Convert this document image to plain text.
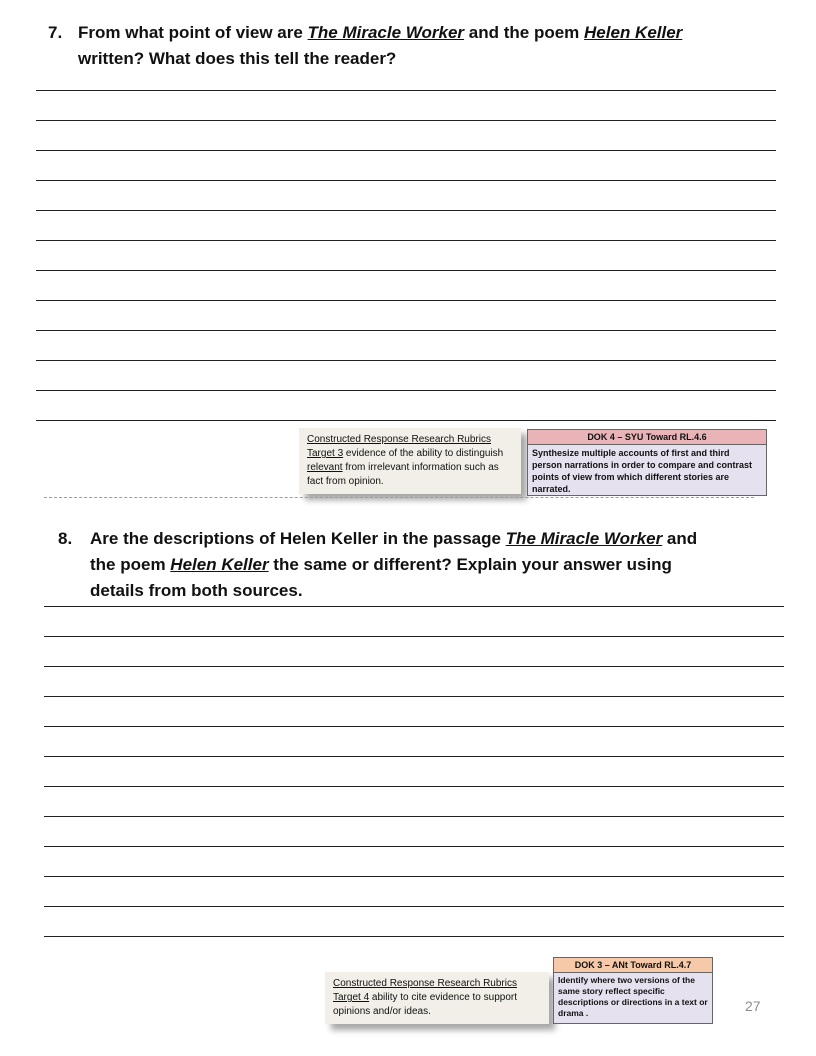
7. From what point of view are The Miracle Worker and the poem Helen Keller
written? What does this tell the reader?
Constructed Response Research Rubrics
Target 3 evidence of the ability to distinguish relevant from irrelevant information such as fact from opinion.
DOK 4 – SYU Toward RL.4.6
Synthesize multiple accounts of first and third person narrations in order to compare and contrast points of view from which different stories are narrated.
8. Are the descriptions of Helen Keller in the passage The Miracle Worker and
the poem Helen Keller the same or different? Explain your answer using
details from both sources.
Constructed Response Research Rubrics
Target 4 ability to cite evidence to support opinions and/or ideas.
DOK 3 – ANt Toward RL.4.7
Identify where two versions of the same story reflect specific descriptions or directions in a text or drama .	27
